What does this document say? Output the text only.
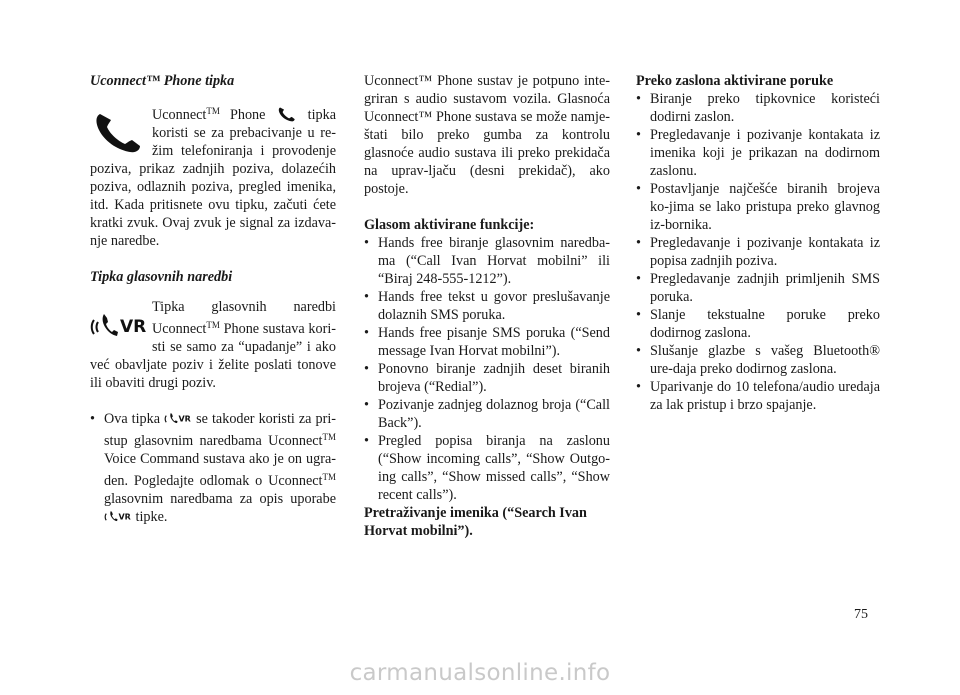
Uconnect™ Phone tipka

Uconnect™ Phone  tipka koristi se za prebacivanje u re-žim telefoniranja i provodenje poziva, prikaz zadnjih poziva, dolazećih poziva, odlaznih poziva, pregled imenika, itd. Kada pritisnete ovu tipku, začuti ćete kratki zvuk. Ovaj zvuk je signal za izdava-nje naredbe.

Tipka glasovnih naredbi
VR

Tipka glasovnih naredbi Uconnect™ Phone sustava kori-sti se samo za “upadanje” i ako već obavljate poziv i želite poslati tonove ili obaviti drugi poziv.

• Ova tipka VR se takoder koristi za pri-stup glasovnim naredbama Uconnect™ Voice Command sustava ako je on ugra-den. Pogledajte odlomak o Uconnect™ glasovnim naredbama za opis uporabe
VR tipke.

Uconnect™ Phone sustav je potpuno inte-griran s audio sustavom vozila. Glasnoća Uconnect™ Phone sustava se može namje-štati bilo preko gumba za kontrolu glasnoće audio sustava ili preko prekidača na uprav-ljaču (desni prekidač), ako postoje.

Glasom aktivirane funkcije:
• Hands free biranje glasovnim naredba-ma (“Call Ivan Horvat mobilni” ili “Biraj 248-555-1212”).
• Hands free tekst u govor preslušavanje dolaznih SMS poruka.
• Hands free pisanje SMS poruka (“Send message Ivan Horvat mobilni”).
• Ponovno biranje zadnjih deset biranih brojeva (“Redial”).
• Pozivanje zadnjeg dolaznog broja (“Call Back”).
• Pregled popisa biranja na zaslonu (“Show incoming calls”, “Show Outgo-ing calls”, “Show missed calls”, “Show recent calls”).
Pretraživanje imenika (“Search Ivan Horvat mobilni”).
Preko zaslona aktivirane poruke
• Biranje preko tipkovnice koristeći dodirni zaslon.
• Pregledavanje i pozivanje kontakata iz imenika koji je prikazan na dodirnom zaslonu.
• Postavljanje najčešće biranih brojeva ko-jima se lako pristupa preko glavnog iz-bornika.
• Pregledavanje i pozivanje kontakata iz popisa zadnjih poziva.
• Pregledavanje zadnjih primljenih SMS poruka.
• Slanje tekstualne poruke preko dodirnog zaslona.
• Slušanje glazbe s vašeg Bluetooth® ure-daja preko dodirnog zaslona.
• Uparivanje do 10 telefona/audio uredaja za lak pristup i brzo spajanje.
75
carmanualsonline.info
